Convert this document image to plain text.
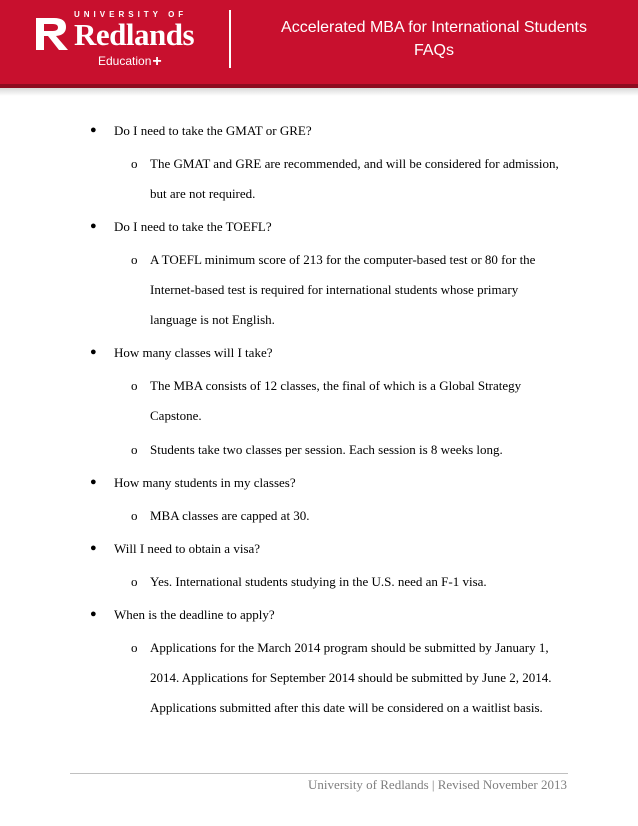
UNIVERSITY OF
Redlands
Education+
Accelerated MBA for International Students
FAQs
● Do I need to take the GMAT or GRE?
o The GMAT and GRE are recommended, and will be considered for admission,
but are not required.
● Do I need to take the TOEFL?
o A TOEFL minimum score of 213 for the computer-based test or 80 for the
Internet-based test is required for international students whose primary
language is not English.
● How many classes will I take?
o The MBA consists of 12 classes, the final of which is a Global Strategy
Capstone.
o Students take two classes per session. Each session is 8 weeks long.
● How many students in my classes?
o MBA classes are capped at 30.
● Will I need to obtain a visa?
o Yes. International students studying in the U.S. need an F-1 visa.
● When is the deadline to apply?
o Applications for the March 2014 program should be submitted by January 1,
2014. Applications for September 2014 should be submitted by June 2, 2014.
Applications submitted after this date will be considered on a waitlist basis.
University of Redlands | Revised November 2013
